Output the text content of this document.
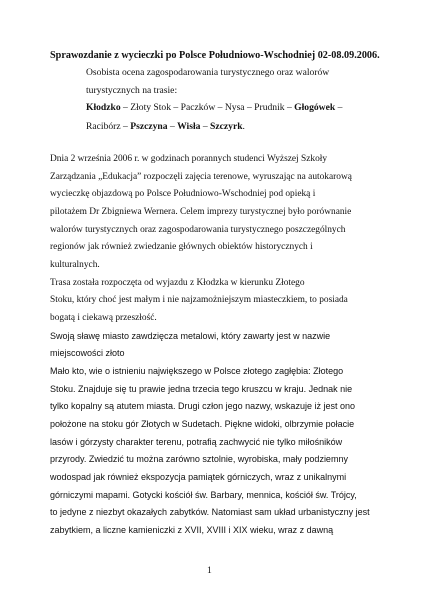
Sprawozdanie z wycieczki po Polsce Południowo-Wschodniej 02-08.09.2006.
Osobista ocena zagospodarowania turystycznego oraz walorów
turystycznych na trasie:
Kłodzko – Złoty Stok – Paczków – Nysa – Prudnik – Głogówek –
Racibórz – Pszczyna – Wisła – Szczyrk.
Dnia 2 września 2006 r. w godzinach porannych studenci Wyższej Szkoły
Zarządzania „Edukacja” rozpoczęli zajęcia terenowe, wyruszając na autokarową
wycieczkę objazdową po Polsce Południowo-Wschodniej pod opieką i
pilotażem Dr Zbigniewa Wernera. Celem imprezy turystycznej było porównanie
walorów turystycznych oraz zagospodarowania turystycznego poszczególnych
regionów jak również zwiedzanie głównych obiektów historycznych i
kulturalnych.
Trasa została rozpoczęta od wyjazdu z Kłodzka w kierunku Złotego
Stoku, który choć jest małym i nie najzamożniejszym miasteczkiem, to posiada
bogatą i ciekawą przeszłość.
Swoją sławę miasto zawdzięcza metalowi, który zawarty jest w nazwie
miejscowości złoto
Mało kto, wie o istnieniu największego w Polsce złotego zagłębia: Złotego
Stoku. Znajduje się tu prawie jedna trzecia tego kruszcu w kraju. Jednak nie
tylko kopalny są atutem miasta. Drugi człon jego nazwy, wskazuje iż jest ono
położone na stoku gór Złotych w Sudetach. Piękne widoki, olbrzymie połacie
lasów i górzysty charakter terenu, potrafią zachwycić nie tylko miłośników
przyrody. Zwiedzić tu można zarówno sztolnie, wyrobiska, mały podziemny
wodospad jak również ekspozycja pamiątek górniczych, wraz z unikalnymi
górniczymi mapami. Gotycki kościół św. Barbary, mennica, kościół św. Trójcy,
to jedyne z niezbyt okazałych zabytków. Natomiast sam układ urbanistyczny jest
zabytkiem, a liczne kamieniczki z XVII, XVIII i XIX wieku, wraz z dawną
1
